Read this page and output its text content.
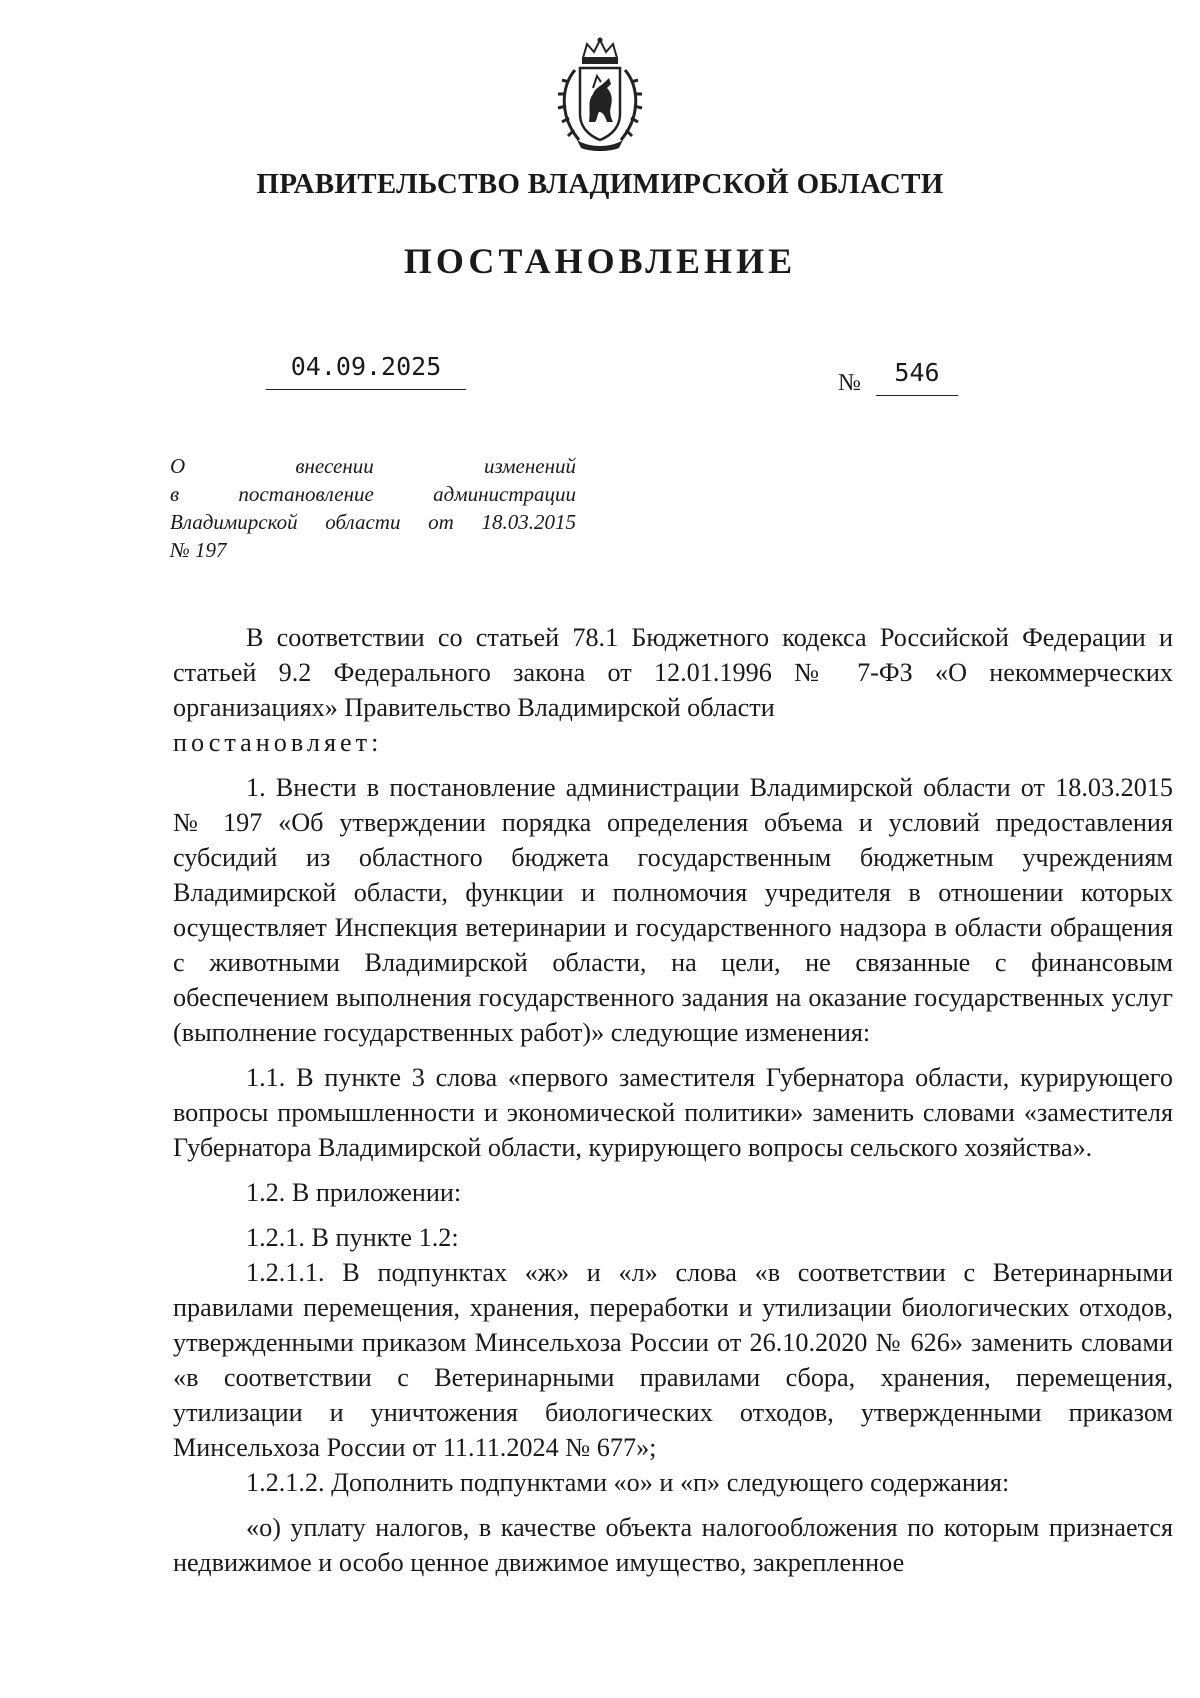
ПРАВИТЕЛЬСТВО ВЛАДИМИРСКОЙ ОБЛАСТИ
ПОСТАНОВЛЕНИЕ
04.09.2025
№	546
О внесении изменений
в постановление администрации
Владимирской области от 18.03.2015
№ 197

В соответствии со статьей 78.1 Бюджетного кодекса Российской Федерации и статьей 9.2 Федерального закона от 12.01.1996 № 7-ФЗ «О некоммерческих организациях» Правительство Владимирской области
постановляет:

1. Внести в постановление администрации Владимирской области от 18.03.2015 № 197 «Об утверждении порядка определения объема и условий предоставления субсидий из областного бюджета государственным бюджетным учреждениям Владимирской области, функции и полномочия учредителя в отношении которых осуществляет Инспекция ветеринарии и государственного надзора в области обращения с животными Владимирской области, на цели, не связанные с финансовым обеспечением выполнения государственного задания на оказание государственных услуг (выполнение государственных работ)» следующие изменения:

1.1. В пункте 3 слова «первого заместителя Губернатора области, курирующего вопросы промышленности и экономической политики» заменить словами «заместителя Губернатора Владимирской области, курирующего вопросы сельского хозяйства».

1.2. В приложении:

1.2.1. В пункте 1.2:

1.2.1.1. В подпунктах «ж» и «л» слова «в соответствии с Ветеринарными правилами перемещения, хранения, переработки и утилизации биологических отходов, утвержденными приказом Минсельхоза России от 26.10.2020 № 626» заменить словами «в соответствии с Ветеринарными правилами сбора, хранения, перемещения, утилизации и уничтожения биологических отходов, утвержденными приказом Минсельхоза России от 11.11.2024 № 677»;

1.2.1.2. Дополнить подпунктами «о» и «п» следующего содержания:

«о) уплату налогов, в качестве объекта налогообложения по которым признается недвижимое и особо ценное движимое имущество, закрепленное
